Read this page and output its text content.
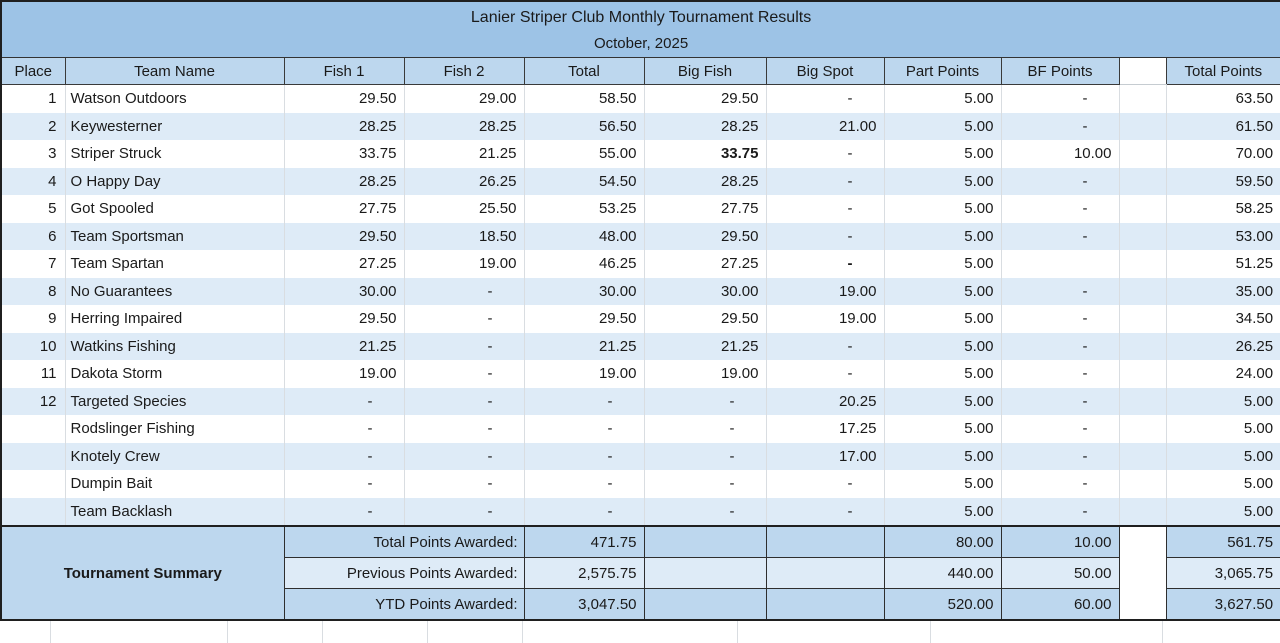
Lanier Striper Club Monthly Tournament Results
October, 2025										

Place	Team Name	Fish 1	Fish 2	Total	Big Fish	Big Spot	Part Points	BF Points		Total Points
1	Watson Outdoors	29.50	29.00	58.50	29.50	-	5.00	-		63.50
2	Keywesterner	28.25	28.25	56.50	28.25	21.00	5.00	-		61.50
3	Striper Struck	33.75	21.25	55.00	33.75	-	5.00	10.00		70.00
4	O Happy Day	28.25	26.25	54.50	28.25	-	5.00	-		59.50
5	Got Spooled	27.75	25.50	53.25	27.75	-	5.00	-		58.25
6	Team Sportsman	29.50	18.50	48.00	29.50	-	5.00	-		53.00
7	Team Spartan	27.25	19.00	46.25	27.25	-	5.00			51.25
8	No Guarantees	30.00	-	30.00	30.00	19.00	5.00	-		35.00
9	Herring Impaired	29.50	-	29.50	29.50	19.00	5.00	-		34.50
10	Watkins Fishing	21.25	-	21.25	21.25	-	5.00	-		26.25
11	Dakota Storm	19.00	-	19.00	19.00	-	5.00	-		24.00
12	Targeted Species	-	-	-	-	20.25	5.00	-		5.00
	Rodslinger Fishing	-	-	-	-	17.25	5.00	-		5.00
	Knotely Crew	-	-	-	-	17.00	5.00	-		5.00
	Dumpin Bait	-	-	-	-	-	5.00	-		5.00
	Team Backlash	-	-	-	-	-	5.00	-		5.00
Tournament Summary		Total Points Awarded:		471.75			80.00	10.00		561.75
		Previous Points Awarded:		2,575.75			440.00	50.00		3,065.75
		YTD Points Awarded:		3,047.50			520.00	60.00		3,627.50
